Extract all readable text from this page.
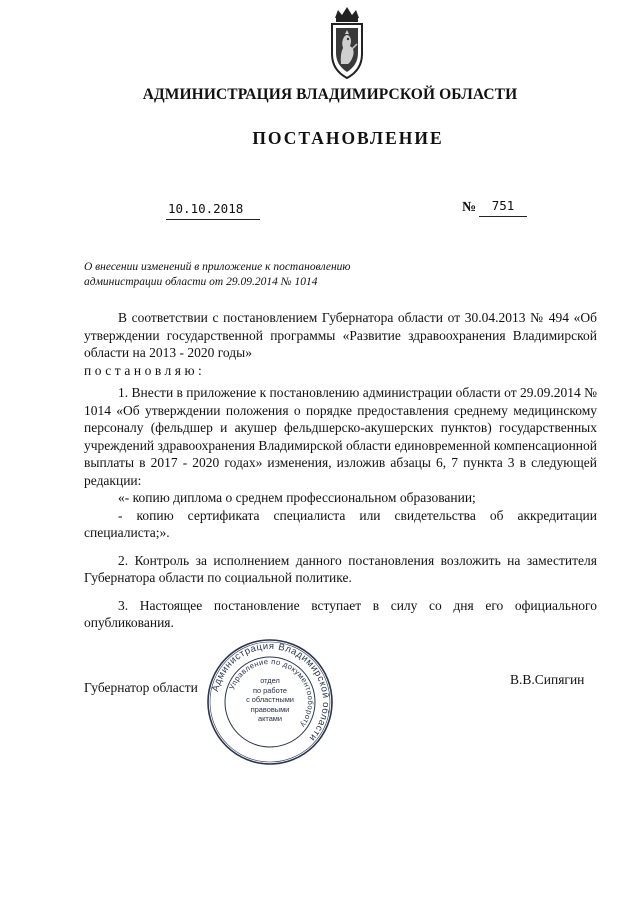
АДМИНИСТРАЦИЯ ВЛАДИМИРСКОЙ ОБЛАСТИ
ПОСТАНОВЛЕНИЕ
10.10.2018	№	751
О внесении изменений в приложение к постановлению
администрации области от 29.09.2014 № 1014

В соответствии с постановлением Губернатора области от 30.04.2013 № 494 «Об утверждении государственной программы «Развитие здравоохранения Владимирской области на 2013 - 2020 годы»

постановляю:

1. Внести в приложение к постановлению администрации области от 29.09.2014 № 1014 «Об утверждении положения о порядке предоставления среднему медицинскому персоналу (фельдшер и акушер фельдшерско-акушерских пунктов) государственных учреждений здравоохранения Владимирской области единовременной компенсационной выплаты в 2017 - 2020 годах» изменения, изложив абзацы 6, 7 пункта 3 в следующей редакции:

«- копию диплома о среднем профессиональном образовании;

- копию сертификата специалиста или свидетельства об аккредитации специалиста;».

2. Контроль за исполнением данного постановления возложить на заместителя Губернатора области по социальной политике.

3. Настоящее постановление вступает в силу со дня его официального опубликования.

Губернатор области
В.В.Сипягин
Администрация Владимирской области
Управление по документообороту
отдел
по работе
с областными
правовыми
актами
